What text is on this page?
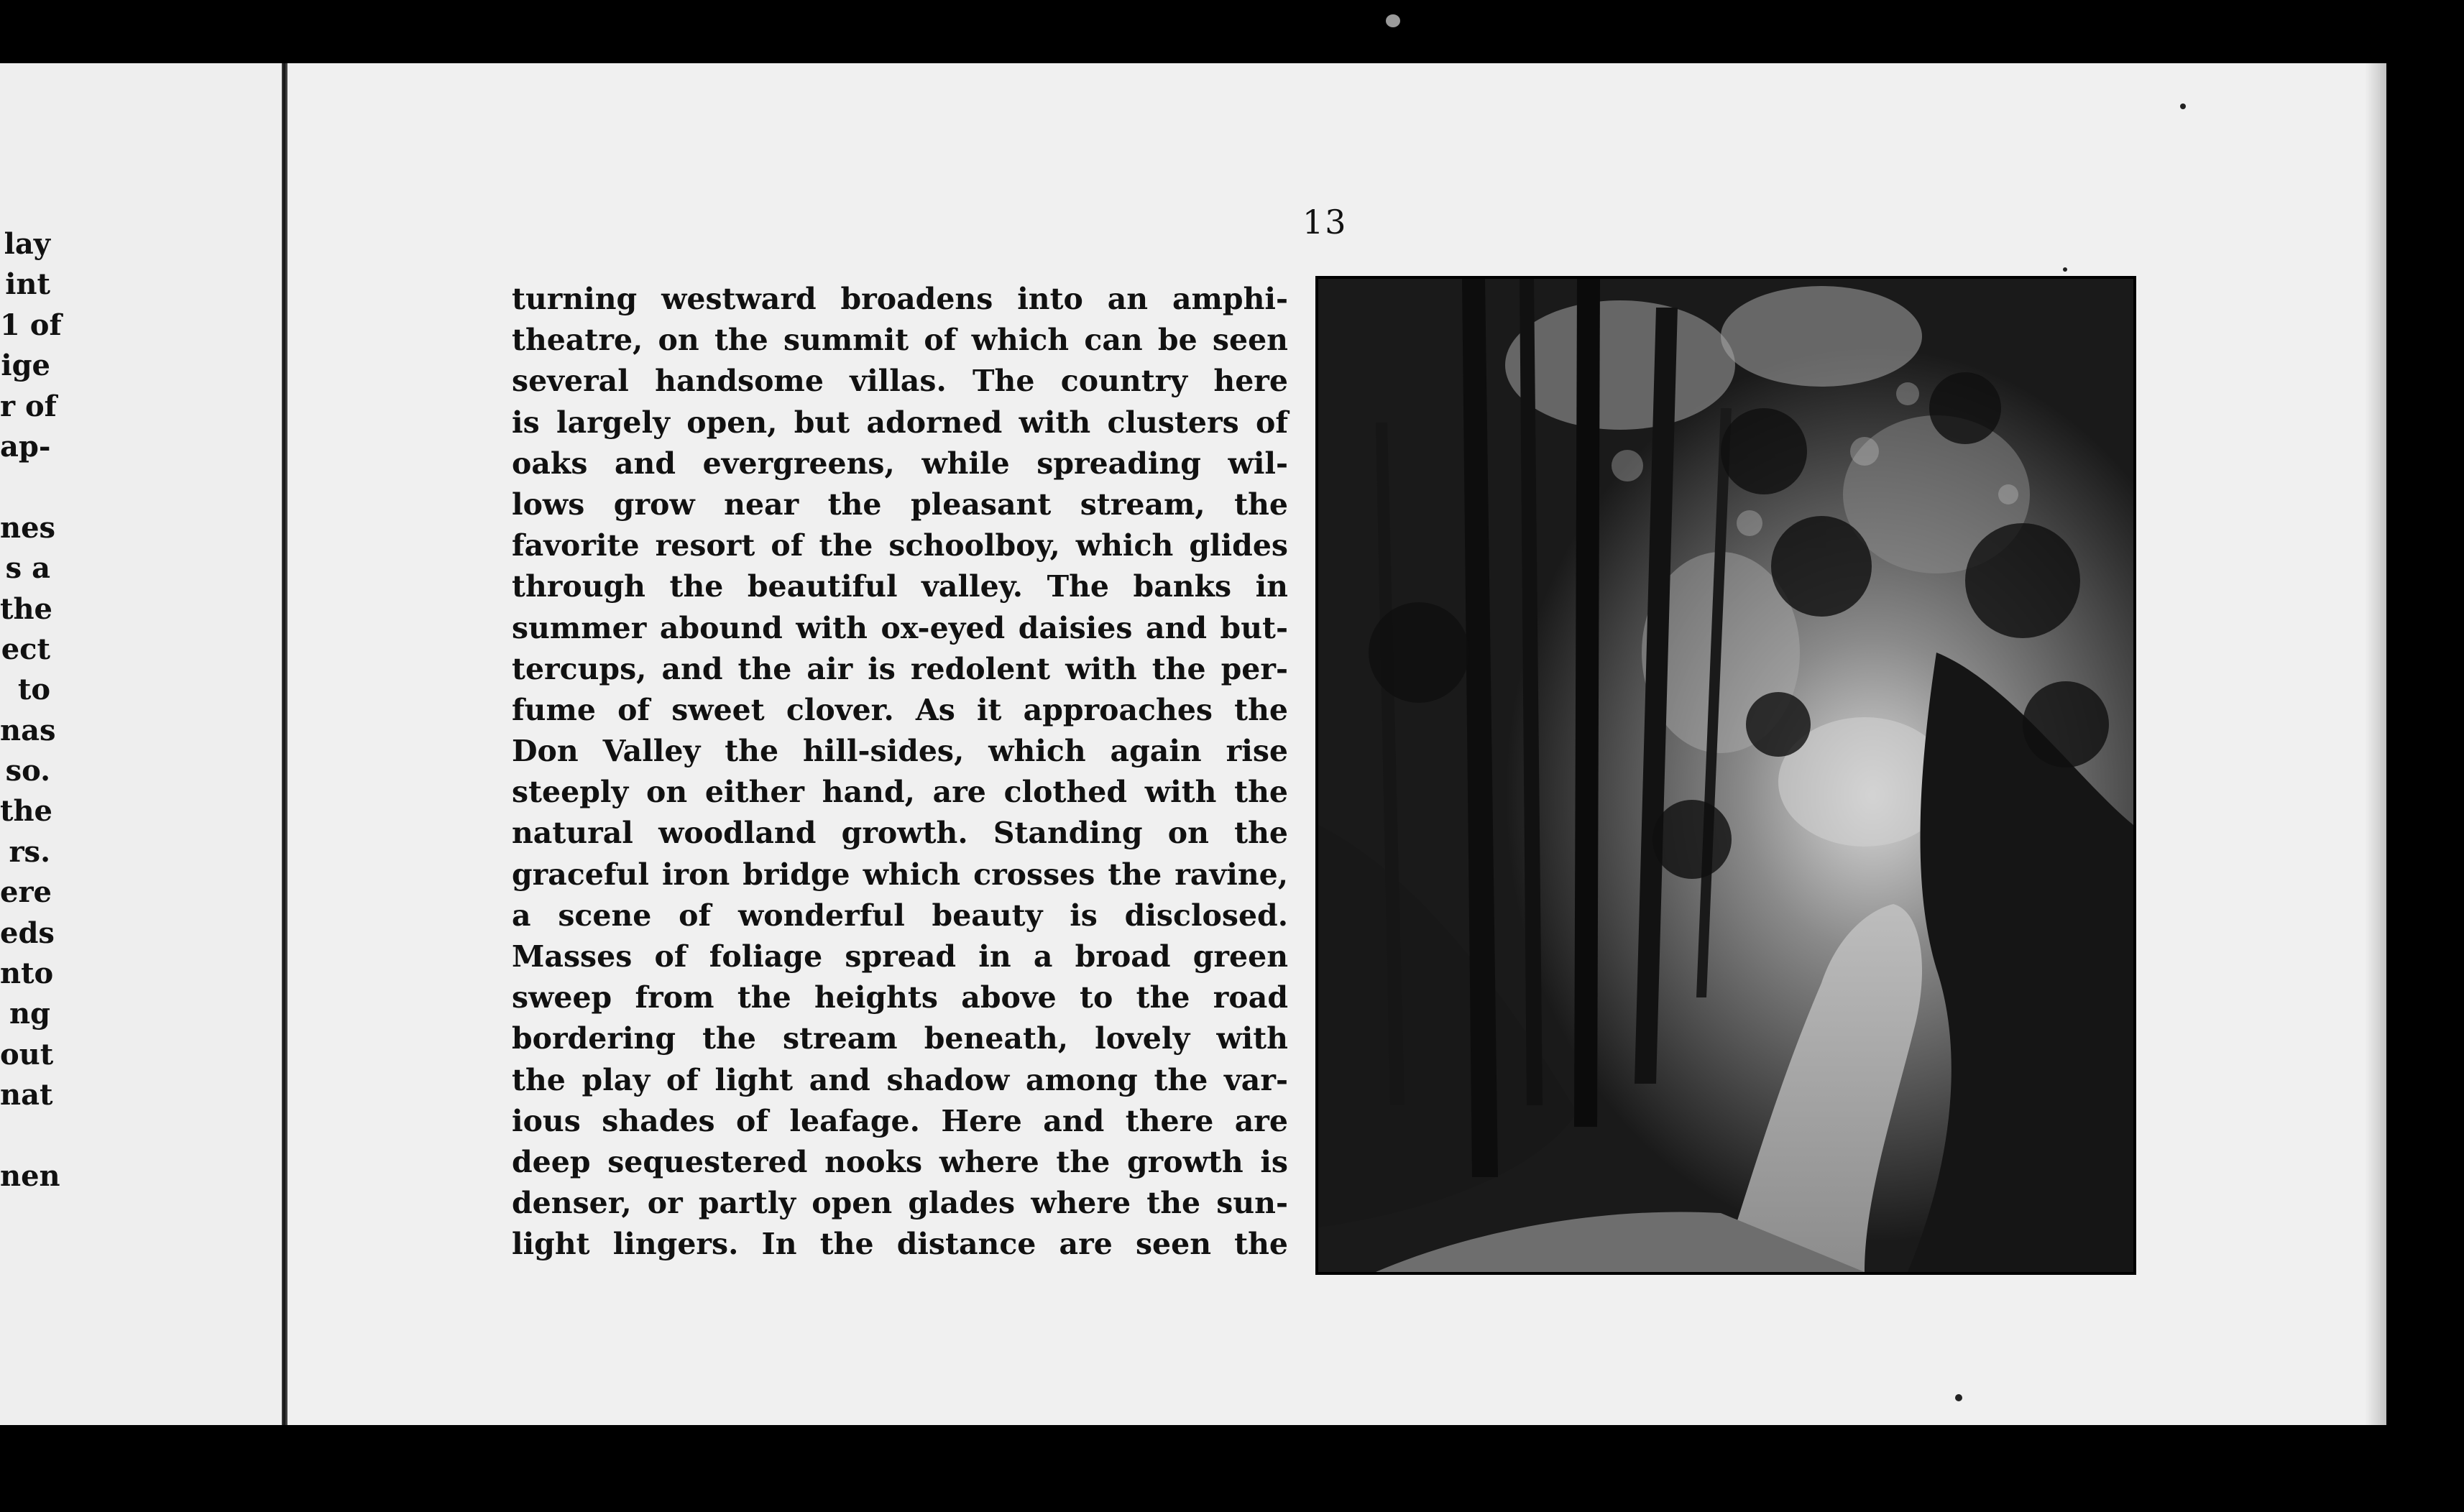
lay
int
1 of
ige
r of
ap-
nes
s a
the
ect
to
nas
so.
the
rs.
ere
eds
nto
ng
out
nat
nen
13
turning westward broadens into an amphi-
theatre, on the summit of which can be seen
several handsome villas. The country here
is largely open, but adorned with clusters of
oaks and evergreens, while spreading wil-
lows grow near the pleasant stream, the
favorite resort of the schoolboy, which glides
through the beautiful valley. The banks in
summer abound with ox-eyed daisies and but-
tercups, and the air is redolent with the per-
fume of sweet clover. As it approaches the
Don Valley the hill-sides, which again rise
steeply on either hand, are clothed with the
natural woodland growth. Standing on the
graceful iron bridge which crosses the ravine,
a scene of wonderful beauty is disclosed.
Masses of foliage spread in a broad green
sweep from the heights above to the road
bordering the stream beneath, lovely with
the play of light and shadow among the var-
ious shades of leafage. Here and there are
deep sequestered nooks where the growth is
denser, or partly open glades where the sun-
light lingers. In the distance are seen the
